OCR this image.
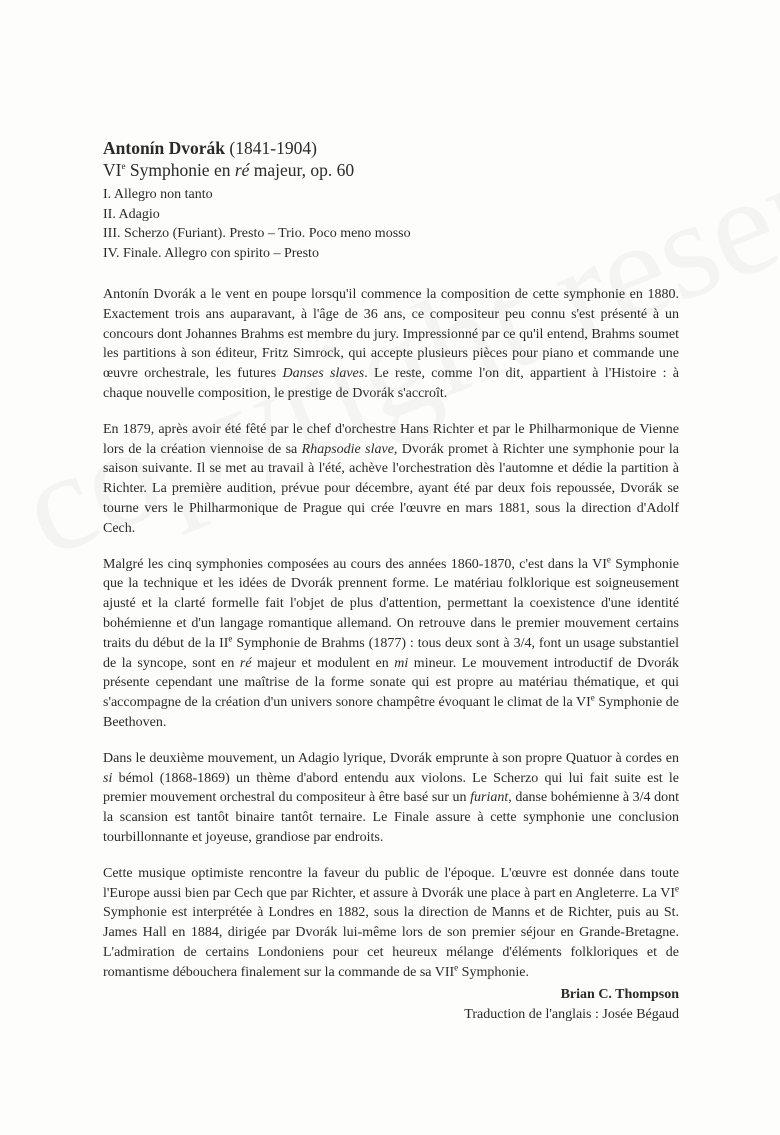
Antonín Dvorák (1841-1904)
VIe Symphonie en ré majeur, op. 60
I. Allegro non tanto
II. Adagio
III. Scherzo (Furiant). Presto – Trio. Poco meno mosso
IV. Finale. Allegro con spirito – Presto
Antonín Dvorák a le vent en poupe lorsqu'il commence la composition de cette symphonie en 1880. Exactement trois ans auparavant, à l'âge de 36 ans, ce compositeur peu connu s'est présenté à un concours dont Johannes Brahms est membre du jury. Impressionné par ce qu'il entend, Brahms soumet les partitions à son éditeur, Fritz Simrock, qui accepte plusieurs pièces pour piano et commande une œuvre orchestrale, les futures Danses slaves. Le reste, comme l'on dit, appartient à l'Histoire : à chaque nouvelle composition, le prestige de Dvorák s'accroît.
En 1879, après avoir été fêté par le chef d'orchestre Hans Richter et par le Philharmonique de Vienne lors de la création viennoise de sa Rhapsodie slave, Dvorák promet à Richter une symphonie pour la saison suivante. Il se met au travail à l'été, achève l'orchestration dès l'automne et dédie la partition à Richter. La première audition, prévue pour décembre, ayant été par deux fois repoussée, Dvorák se tourne vers le Philharmonique de Prague qui crée l'œuvre en mars 1881, sous la direction d'Adolf Cech.
Malgré les cinq symphonies composées au cours des années 1860-1870, c'est dans la VIe Symphonie que la technique et les idées de Dvorák prennent forme. Le matériau folklorique est soigneusement ajusté et la clarté formelle fait l'objet de plus d'attention, permettant la coexistence d'une identité bohémienne et d'un langage romantique allemand. On retrouve dans le premier mouvement certains traits du début de la IIe Symphonie de Brahms (1877) : tous deux sont à 3/4, font un usage substantiel de la syncope, sont en ré majeur et modulent en mi mineur. Le mouvement introductif de Dvorák présente cependant une maîtrise de la forme sonate qui est propre au matériau thématique, et qui s'accompagne de la création d'un univers sonore champêtre évoquant le climat de la VIe Symphonie de Beethoven.
Dans le deuxième mouvement, un Adagio lyrique, Dvorák emprunte à son propre Quatuor à cordes en si bémol (1868-1869) un thème d'abord entendu aux violons. Le Scherzo qui lui fait suite est le premier mouvement orchestral du compositeur à être basé sur un furiant, danse bohémienne à 3/4 dont la scansion est tantôt binaire tantôt ternaire. Le Finale assure à cette symphonie une conclusion tourbillonnante et joyeuse, grandiose par endroits.
Cette musique optimiste rencontre la faveur du public de l'époque. L'œuvre est donnée dans toute l'Europe aussi bien par Cech que par Richter, et assure à Dvorák une place à part en Angleterre. La VIe Symphonie est interprétée à Londres en 1882, sous la direction de Manns et de Richter, puis au St. James Hall en 1884, dirigée par Dvorák lui-même lors de son premier séjour en Grande-Bretagne. L'admiration de certains Londoniens pour cet heureux mélange d'éléments folkloriques et de romantisme débouchera finalement sur la commande de sa VIIe Symphonie.
Brian C. Thompson
Traduction de l'anglais : Josée Bégaud
